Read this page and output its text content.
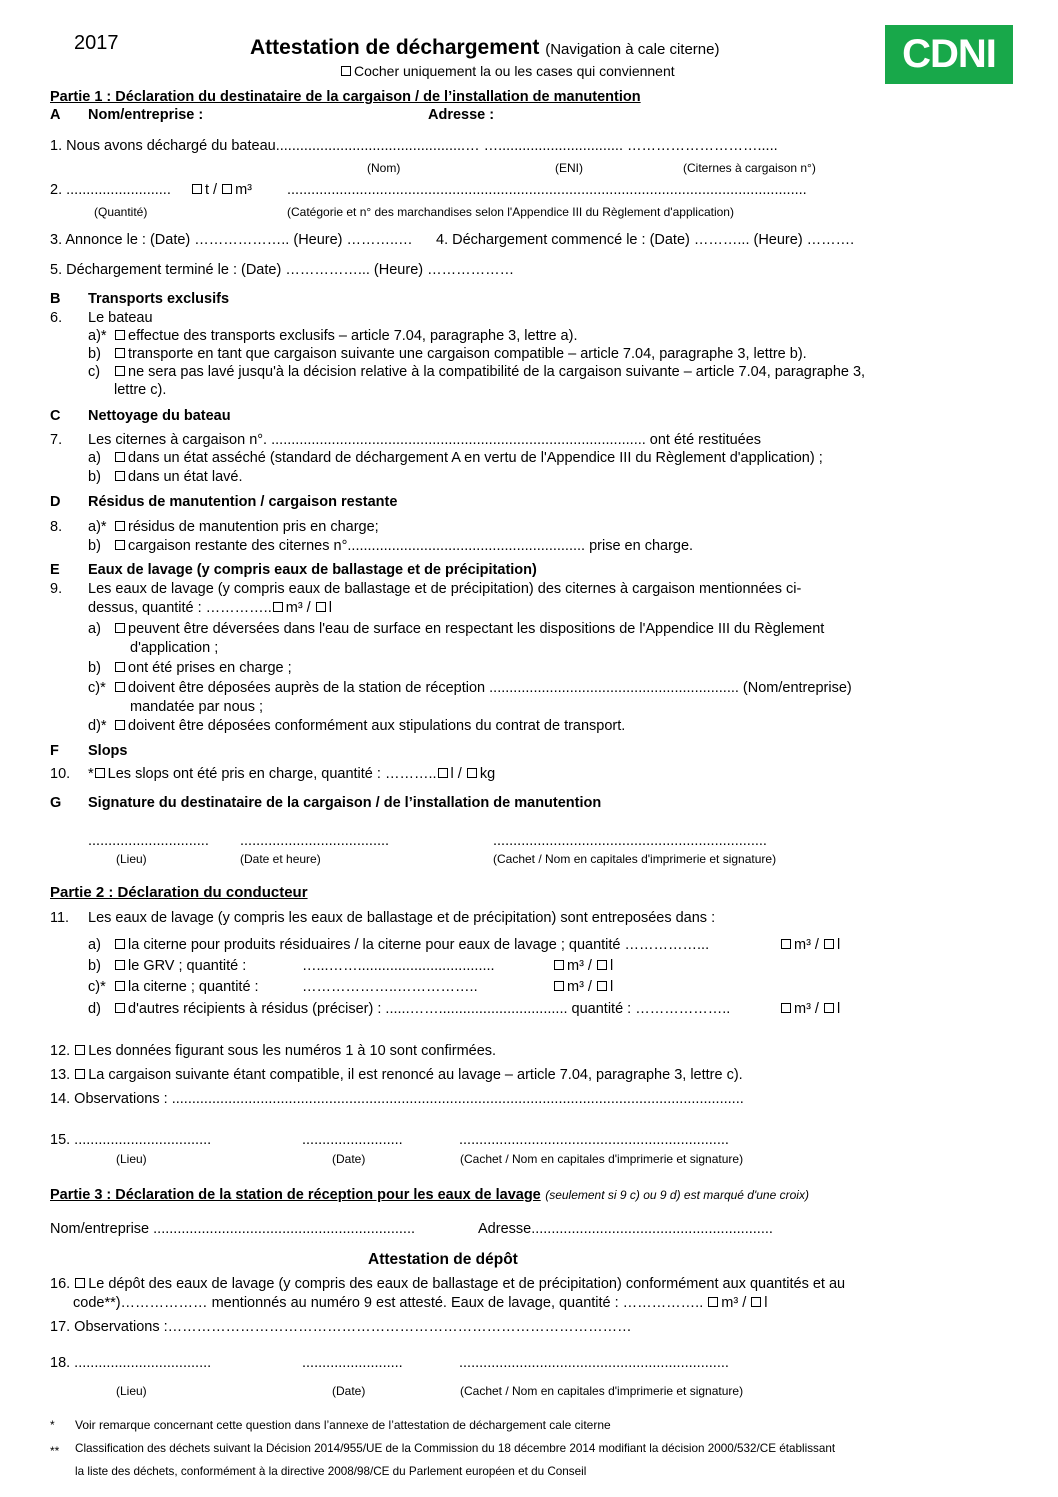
2017	Attestation de déchargement (Navigation à cale citerne)
Cocher uniquement la ou les cases qui conviennent	CDNI
Partie 1 : Déclaration du destinataire de la cargaison / de l’installation de manutention
A Nom/entreprise :	Adresse :
1. Nous avons déchargé du bateau...............................................… …............................... ……………………….....
(Nom)	(ENI)	(Citernes à cargaison n°)
2. .......................... t / m³ .................................................................................................................................
(Quantité)	(Catégorie et n° des marchandises selon l'Appendice III du Règlement d'application)
3. Annonce le : (Date) ……………….. (Heure) ………..… 4. Déchargement commencé le : (Date) ………... (Heure) ……….
5. Déchargement terminé le : (Date) ……………... (Heure) ………………
B Transports exclusifs
6. Le bateau
a)*	effectue des transports exclusifs – article 7.04, paragraphe 3, lettre a).
b)	transporte en tant que cargaison suivante une cargaison compatible – article 7.04, paragraphe 3, lettre b).
c)	ne sera pas lavé jusqu'à la décision relative à la compatibilité de la cargaison suivante – article 7.04, paragraphe 3,
lettre c).
C Nettoyage du bateau
7. Les citernes à cargaison n°. ............................................................................................. ont été restituées
a)	dans un état asséché (standard de déchargement A en vertu de l'Appendice III du Règlement d'application) ;
b)	dans un état lavé.
D Résidus de manutention / cargaison restante
8. a)*	résidus de manutention pris en charge;
b)	cargaison restante des citernes n°........................................................... prise en charge.
E Eaux de lavage (y compris eaux de ballastage et de précipitation)
9. Les eaux de lavage (y compris eaux de ballastage et de précipitation) des citernes à cargaison mentionnées ci-
dessus, quantité : ………….. m³ / l
a)	peuvent être déversées dans l'eau de surface en respectant les dispositions de l'Appendice III du Règlement
d'application ;
b)	ont été prises en charge ;
c)*	doivent être déposées auprès de la station de réception .............................................................. (Nom/entreprise)
mandatée par nous ;
d)*	doivent être déposées conformément aux stipulations du contrat de transport.
F Slops
10. * Les slops ont été pris en charge, quantité : ……….. l / kg
G Signature du destinataire de la cargaison / de l’installation de manutention
.............................. .....................................	....................................................................
(Lieu)	(Date et heure)	(Cachet / Nom en capitales d'imprimerie et signature)
Partie 2 : Déclaration du conducteur
11. Les eaux de lavage (y compris les eaux de ballastage et de précipitation) sont entreposées dans :
a)	la citerne pour produits résiduaires / la citerne pour eaux de lavage ; quantité ……………...	m³ / l
b)	le GRV ; quantité :	…...……..................................	m³ / l
c)*	la citerne ; quantité :	………………..……………..	m³ / l
d)	d'autres récipients à résidus (préciser) : ......……................................ quantité : ………………..	m³ / l
12. Les données figurant sous les numéros 1 à 10 sont confirmées.
13. La cargaison suivante étant compatible, il est renoncé au lavage – article 7.04, paragraphe 3, lettre c).
14. Observations : ..............................................................................................................................................
15. ..................................	.........................	...................................................................
(Lieu)	(Date)	(Cachet / Nom en capitales d'imprimerie et signature)
Partie 3 : Déclaration de la station de réception pour les eaux de lavage (seulement si 9 c) ou 9 d) est marqué d'une croix)
Nom/entreprise .................................................................	Adresse............................................................
Attestation de dépôt
16. Le dépôt des eaux de lavage (y compris des eaux de ballastage et de précipitation) conformément aux quantités et au
code**)……………… mentionnés au numéro 9 est attesté. Eaux de lavage, quantité : …………….. m³ / l
17. Observations :……………………………………………………………………………………
18. ..................................	.........................	...................................................................
(Lieu)	(Date)	(Cachet / Nom en capitales d'imprimerie et signature)
* Voir remarque concernant cette question dans l’annexe de l’attestation de déchargement cale citerne
** Classification des déchets suivant la Décision 2014/955/UE de la Commission du 18 décembre 2014 modifiant la décision 2000/532/CE établissant
la liste des déchets, conformément à la directive 2008/98/CE du Parlement européen et du Conseil
